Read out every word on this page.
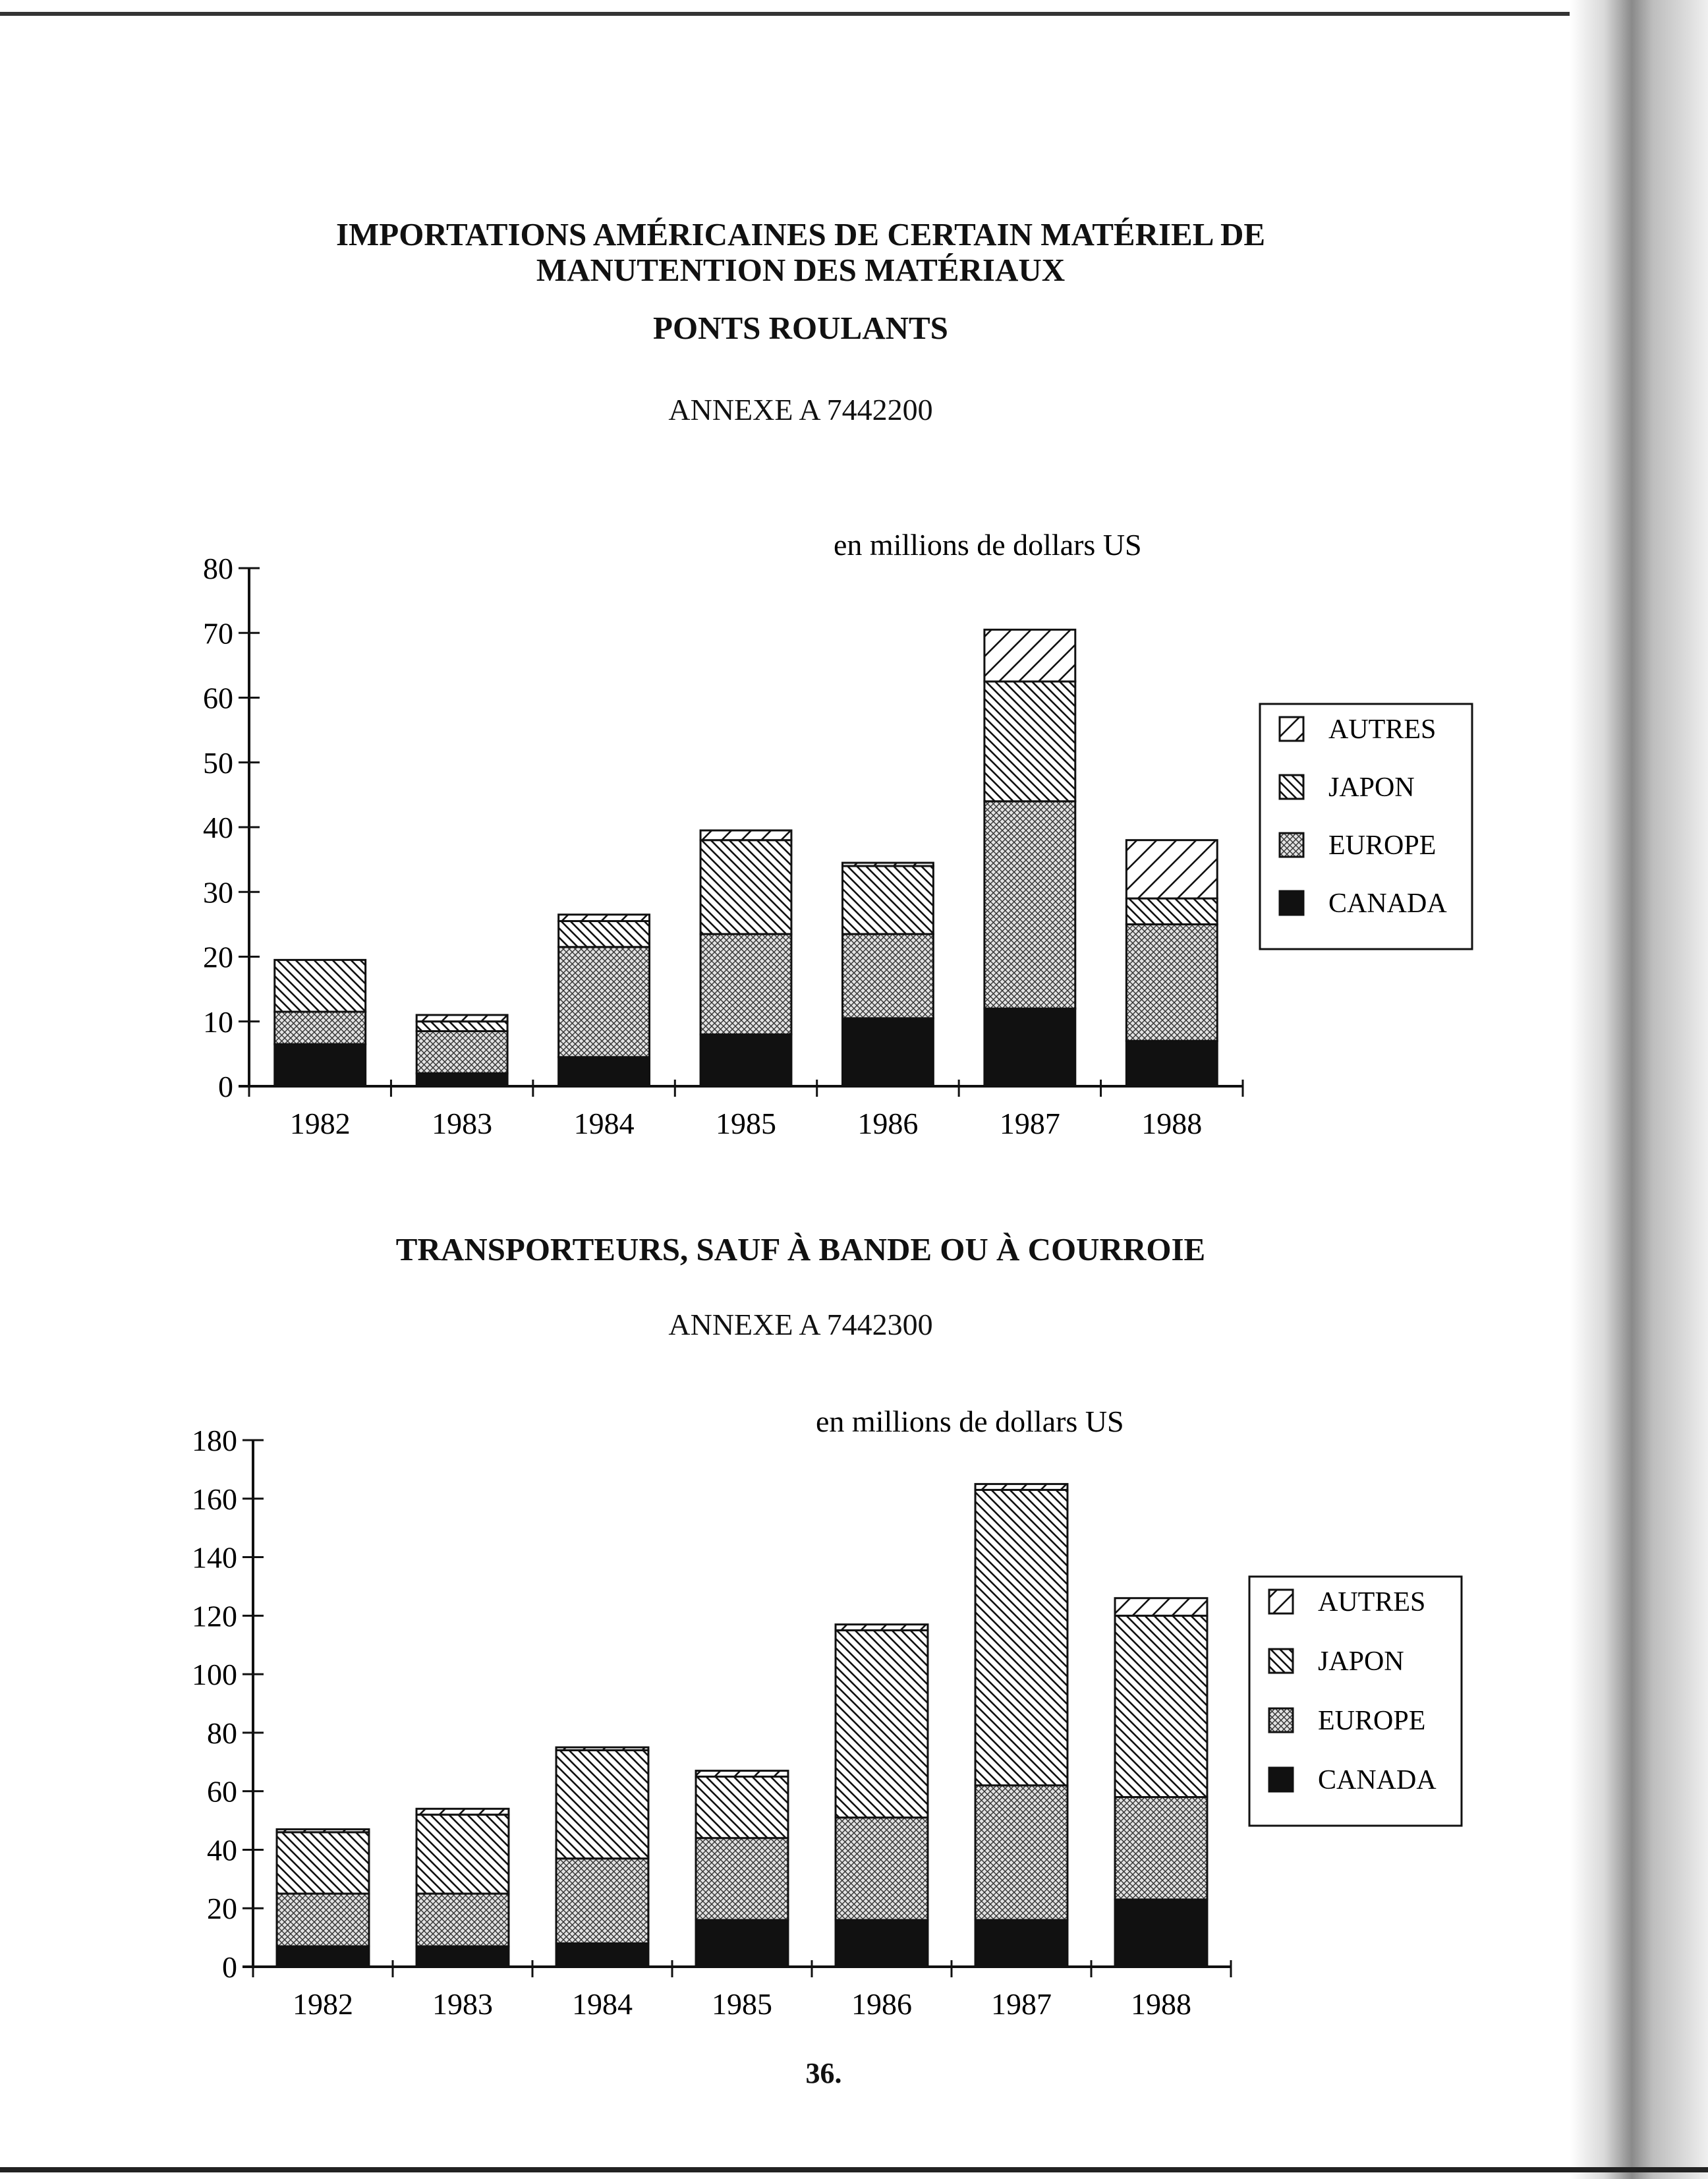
IMPORTATIONS AMÉRICAINES DE CERTAIN MATÉRIEL DE
MANUTENTION DES MATÉRIAUX
PONTS ROULANTS
ANNEXE A 7442200
0
10
20
30
40
50
60
70
80
1982	1983	1984	1985	1986	1987	1988
en millions de dollars US
AUTRES
JAPON
EUROPE
CANADA
TRANSPORTEURS, SAUF À BANDE OU À COURROIE
ANNEXE A 7442300
0
20
40
60
80
100
120
140
160
180
1982	1983	1984	1985	1986	1987	1988
en millions de dollars US
AUTRES
JAPON
EUROPE
CANADA
36.
